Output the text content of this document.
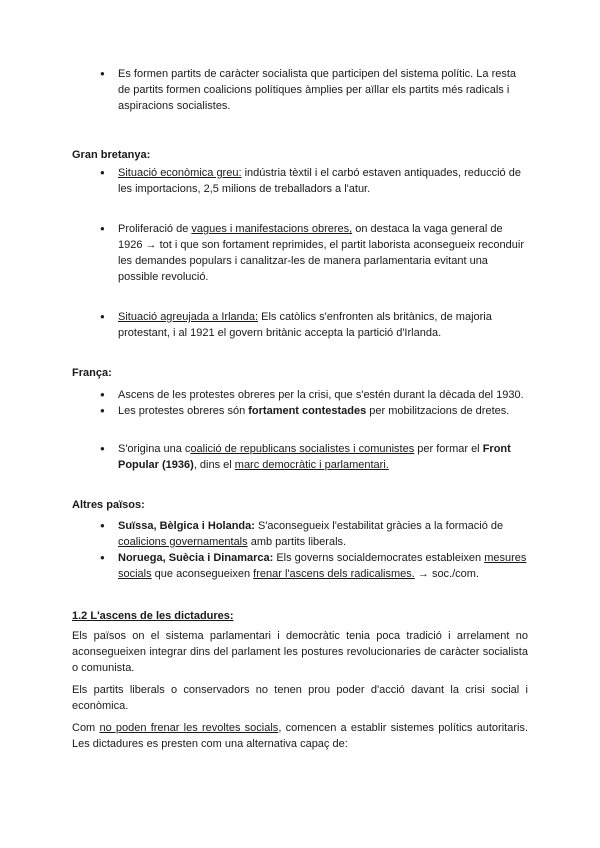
● Es formen partits de caràcter socialista que participen del sistema polític. La resta de partits formen coalicions polítiques àmplies per aïllar els partits més radicals i aspiracions socialistes.
Gran bretanya:
● Situació econòmica greu: indústria tèxtil i el carbó estaven antiquades, reducció de les importacions, 2,5 milions de treballadors a l'atur.
● Proliferació de vagues i manifestacions obreres, on destaca la vaga general de 1926 → tot i que son fortament reprimides, el partit laborista aconsegueix reconduir les demandes populars i canalitzar-les de manera parlamentaria evitant una possible revolució.
● Situació agreujada a Irlanda: Els catòlics s'enfronten als britànics, de majoria protestant, i al 1921 el govern britànic accepta la partició d'Irlanda.
França:
● Ascens de les protestes obreres per la crisi, que s'estén durant la dècada del 1930.
● Les protestes obreres són fortament contestades per mobilitzacions de dretes.
● S'origina una coalició de republicans socialistes i comunistes per formar el Front Popular (1936), dins el marc democràtic i parlamentari.
Altres països:
● Suïssa, Bèlgica i Holanda: S'aconsegueix l'estabilitat gràcies a la formació de coalicions governamentals amb partits liberals.
● Noruega, Suècia i Dinamarca: Els governs socialdemocrates estableixen mesures socials que aconsegueixen frenar l'ascens dels radicalismes. → soc./com.
1.2 L'ascens de les dictadures:

Els països on el sistema parlamentari i democràtic tenia poca tradició i arrelament no aconsegueixen integrar dins del parlament les postures revolucionaries de caràcter socialista o comunista.

Els partits liberals o conservadors no tenen prou poder d'acció davant la crisi social i econòmica.

Com no poden frenar les revoltes socials, comencen a establir sistemes polítics autoritaris. Les dictadures es presten com una alternativa capaç de:
